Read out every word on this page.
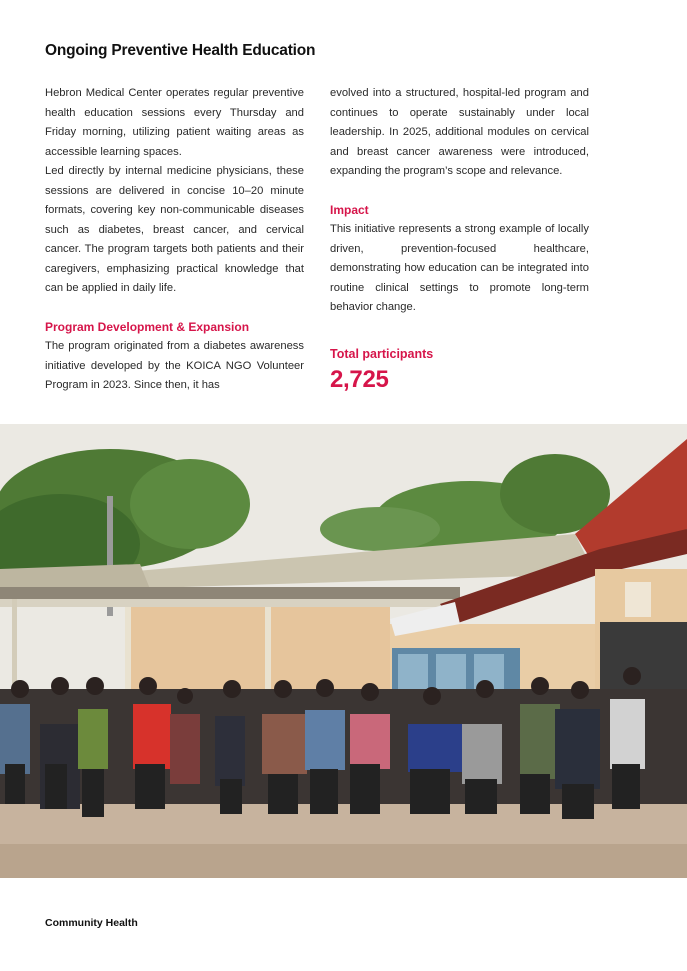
Ongoing Preventive Health Education

Hebron Medical Center operates regular preventive health education sessions every Thursday and Friday morning, utilizing patient waiting areas as accessible learning spaces.

Led directly by internal medicine physicians, these sessions are delivered in concise 10–20 minute formats, covering key non-communicable diseases such as diabetes, breast cancer, and cervical cancer. The program targets both patients and their caregivers, emphasizing practical knowledge that can be applied in daily life.

Program Development & Expansion

The program originated from a diabetes awareness initiative developed by the KOICA NGO Volunteer Program in 2023. Since then, it has

evolved into a structured, hospital-led program and continues to operate sustainably under local leadership. In 2025, additional modules on cervical and breast cancer awareness were introduced, expanding the program’s scope and relevance.

Impact

This initiative represents a strong example of locally driven, prevention-focused healthcare, demonstrating how education can be integrated into routine clinical settings to promote long-term behavior change.

Total participants
2,725
Community Health
